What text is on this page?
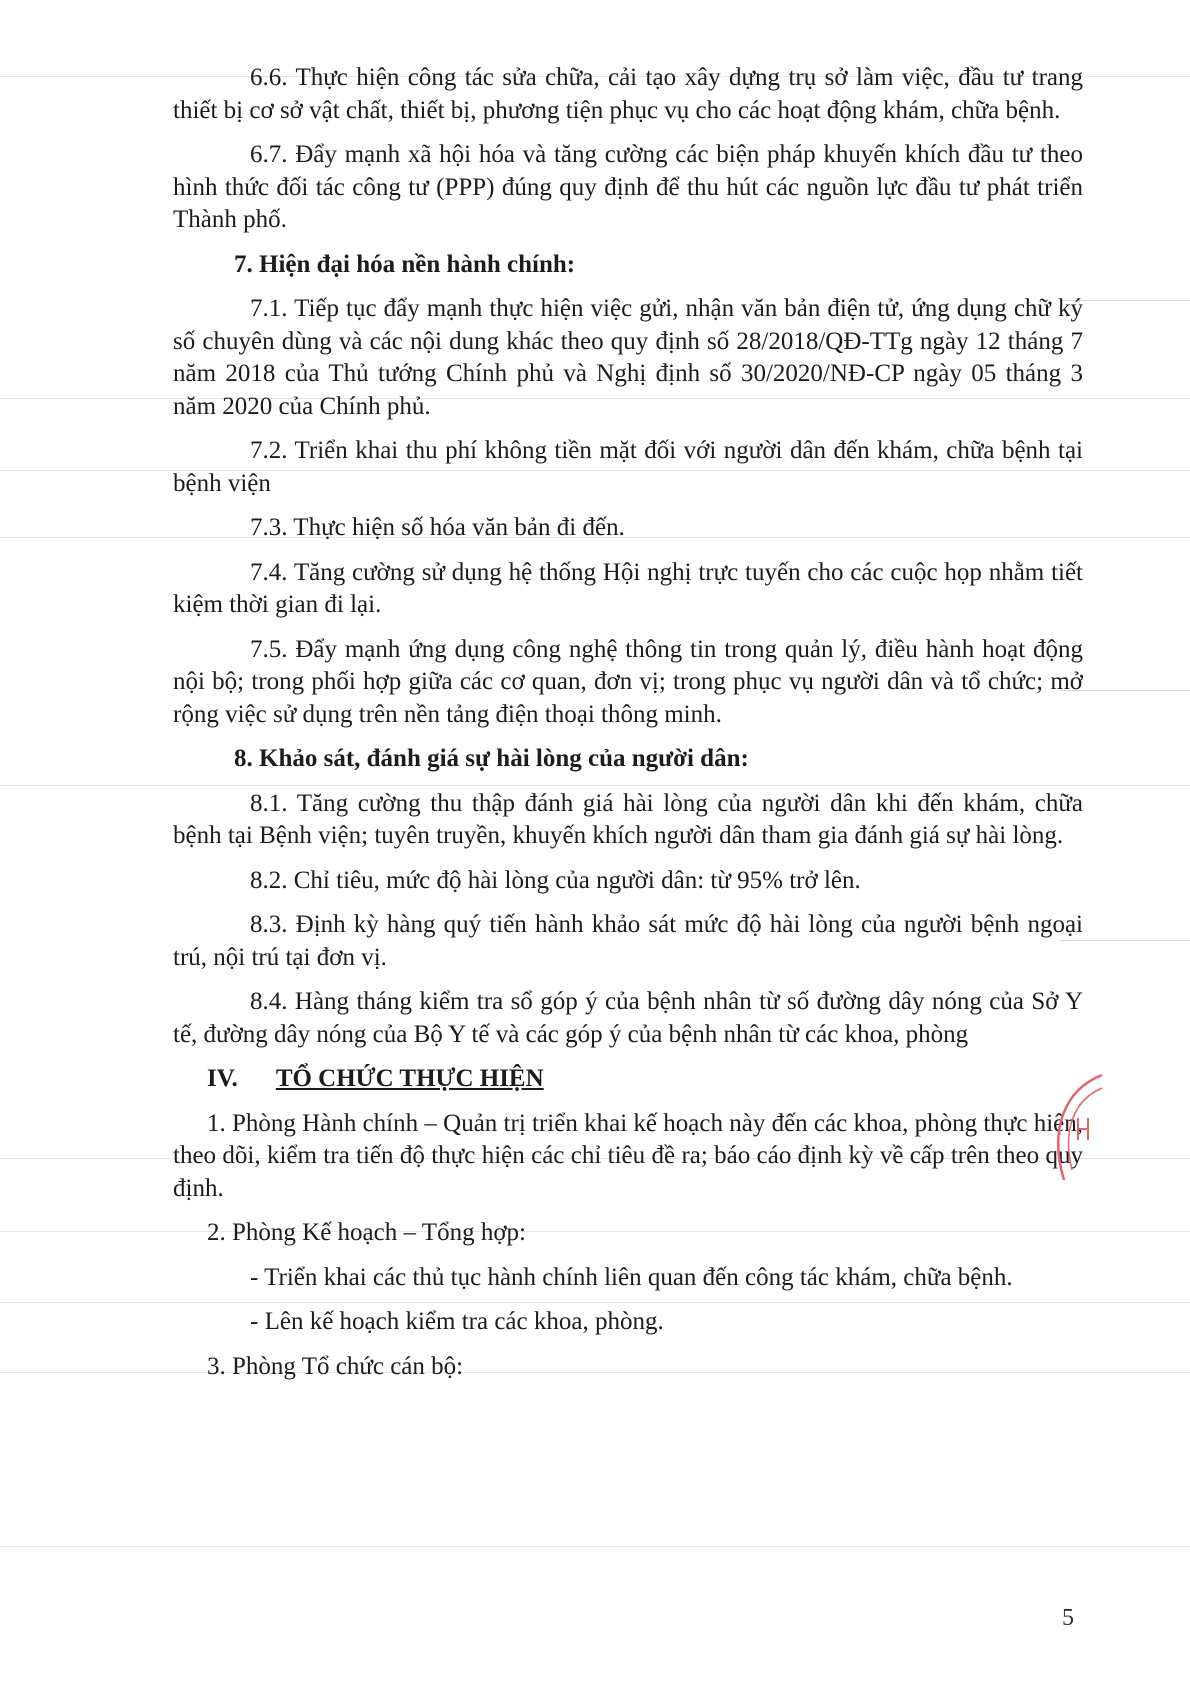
6.6. Thực hiện công tác sửa chữa, cải tạo xây dựng trụ sở làm việc, đầu tư trang thiết bị cơ sở vật chất, thiết bị, phương tiện phục vụ cho các hoạt động khám, chữa bệnh.

6.7. Đẩy mạnh xã hội hóa và tăng cường các biện pháp khuyến khích đầu tư theo hình thức đối tác công tư (PPP) đúng quy định để thu hút các nguồn lực đầu tư phát triển Thành phố.

7. Hiện đại hóa nền hành chính:

7.1. Tiếp tục đẩy mạnh thực hiện việc gửi, nhận văn bản điện tử, ứng dụng chữ ký số chuyên dùng và các nội dung khác theo quy định số 28/2018/QĐ-TTg ngày 12 tháng 7 năm 2018 của Thủ tướng Chính phủ và Nghị định số 30/2020/NĐ-CP ngày 05 tháng 3 năm 2020 của Chính phủ.

7.2. Triển khai thu phí không tiền mặt đối với người dân đến khám, chữa bệnh tại bệnh viện

7.3. Thực hiện số hóa văn bản đi đến.

7.4. Tăng cường sử dụng hệ thống Hội nghị trực tuyến cho các cuộc họp nhằm tiết kiệm thời gian đi lại.

7.5. Đẩy mạnh ứng dụng công nghệ thông tin trong quản lý, điều hành hoạt động nội bộ; trong phối hợp giữa các cơ quan, đơn vị; trong phục vụ người dân và tổ chức; mở rộng việc sử dụng trên nền tảng điện thoại thông minh.

8. Khảo sát, đánh giá sự hài lòng của người dân:

8.1. Tăng cường thu thập đánh giá hài lòng của người dân khi đến khám, chữa bệnh tại Bệnh viện; tuyên truyền, khuyến khích người dân tham gia đánh giá sự hài lòng.

8.2. Chỉ tiêu, mức độ hài lòng của người dân: từ 95% trở lên.

8.3. Định kỳ hàng quý tiến hành khảo sát mức độ hài lòng của người bệnh ngoại trú, nội trú tại đơn vị.

8.4. Hàng tháng kiểm tra sổ góp ý của bệnh nhân từ số đường dây nóng của Sở Y tế, đường dây nóng của Bộ Y tế và các góp ý của bệnh nhân từ các khoa, phòng

IV. TỔ CHỨC THỰC HIỆN

1. Phòng Hành chính – Quản trị triển khai kế hoạch này đến các khoa, phòng thực hiện, theo dõi, kiểm tra tiến độ thực hiện các chỉ tiêu đề ra; báo cáo định kỳ về cấp trên theo quy định.

2. Phòng Kế hoạch – Tổng hợp:

- Triển khai các thủ tục hành chính liên quan đến công tác khám, chữa bệnh.

- Lên kế hoạch kiểm tra các khoa, phòng.

3. Phòng Tổ chức cán bộ:

5
